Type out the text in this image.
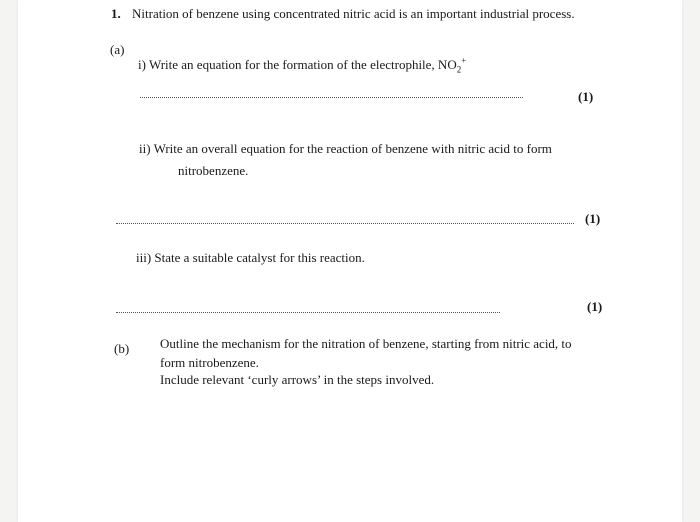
1. Nitration of benzene using concentrated nitric acid is an important industrial process.
(a)
i) Write an equation for the formation of the electrophile, $NO_2^+$
(1)
ii) Write an overall equation for the reaction of benzene with nitric acid to form
nitrobenzene.
(1)
iii) State a suitable catalyst for this reaction.
(1)
(b) Outline the mechanism for the nitration of benzene, starting from nitric acid, to
form nitrobenzene.
Include relevant ‘curly arrows’ in the steps involved.
